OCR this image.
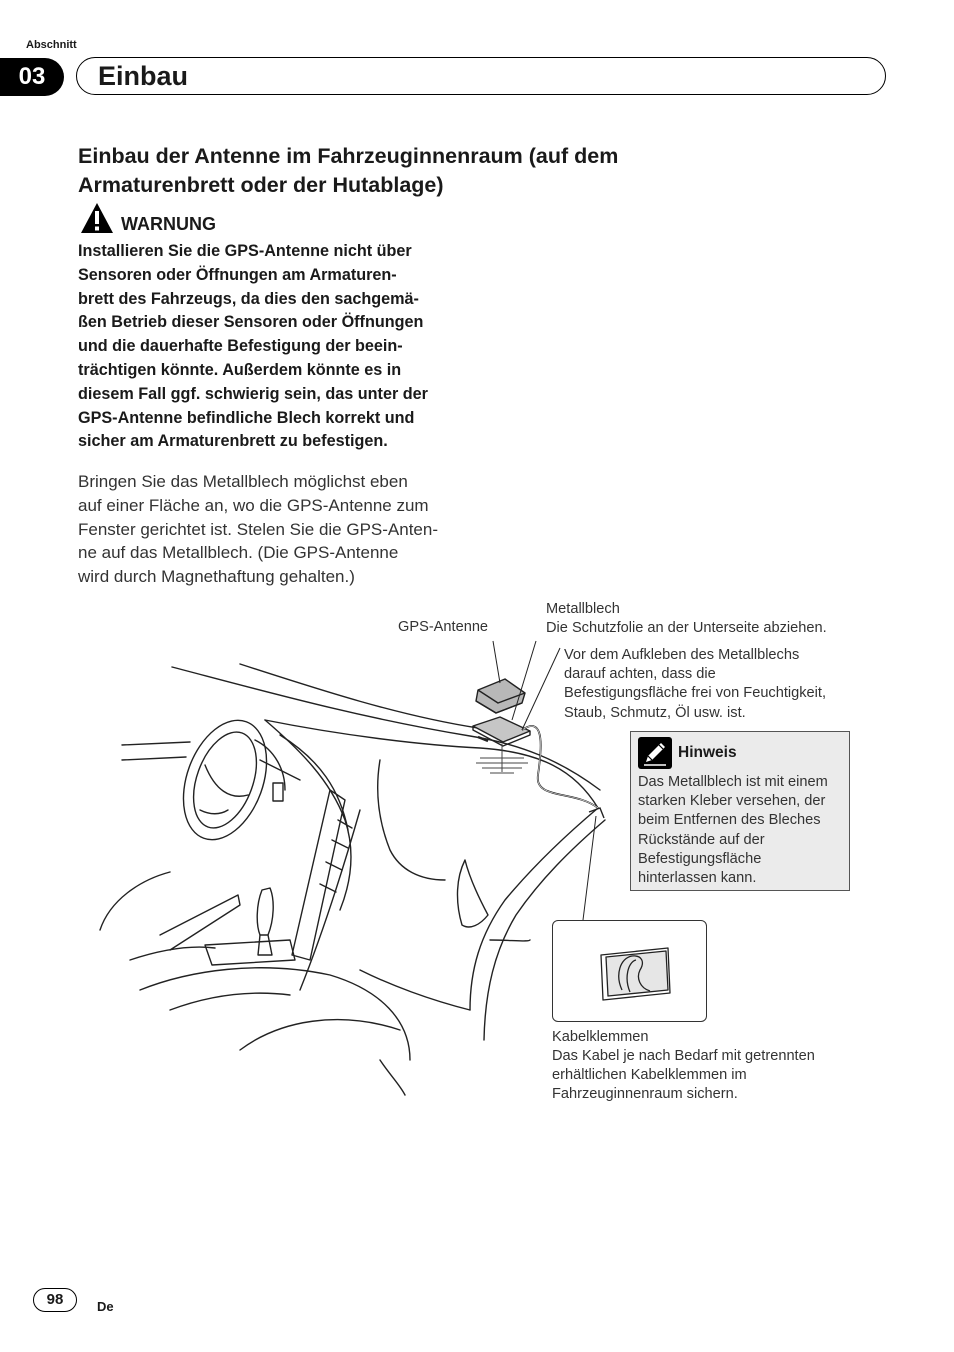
Abschnitt
03 Einbau
Einbau der Antenne im Fahrzeuginnenraum (auf dem
Armaturenbrett oder der Hutablage)
WARNUNG
Installieren Sie die GPS-Antenne nicht über
Sensoren oder Öffnungen am Armaturen-
brett des Fahrzeugs, da dies den sachgemä-
ßen Betrieb dieser Sensoren oder Öffnungen
und die dauerhafte Befestigung der beein-
trächtigen könnte. Außerdem könnte es in
diesem Fall ggf. schwierig sein, das unter der
GPS-Antenne befindliche Blech korrekt und
sicher am Armaturenbrett zu befestigen.
Bringen Sie das Metallblech möglichst eben
auf einer Fläche an, wo die GPS-Antenne zum
Fenster gerichtet ist. Stelen Sie die GPS-Anten-
ne auf das Metallblech. (Die GPS-Antenne
wird durch Magnethaftung gehalten.)
GPS-Antenne
Metallblech
Die Schutzfolie an der Unterseite abziehen.
Vor dem Aufkleben des Metallblechs
darauf achten, dass die
Befestigungsfläche frei von Feuchtigkeit,
Staub, Schmutz, Öl usw. ist.
Hinweis
Das Metallblech ist mit einem
starken Kleber versehen, der
beim Entfernen des Bleches
Rückstände auf der
Befestigungsfläche
hinterlassen kann.
Kabelklemmen
Das Kabel je nach Bedarf mit getrennten
erhältlichen Kabelklemmen im
Fahrzeuginnenraum sichern.
98	De
